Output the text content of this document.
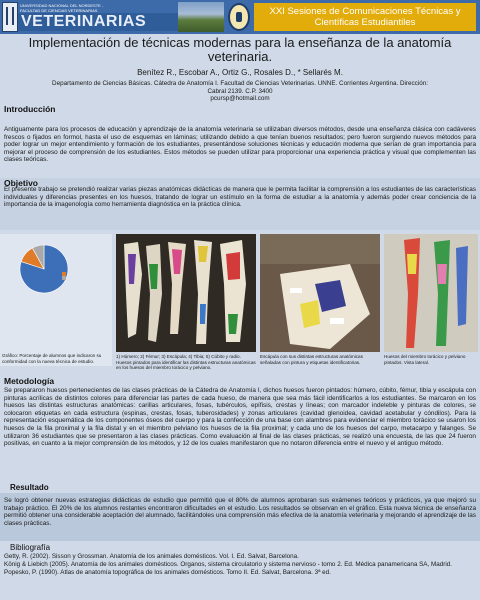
UNIVERSIDAD NACIONAL DEL NORDESTE - FACULTAD DE CIENCIAS VETERINARIAS
VETERINARIAS
XXI Sesiones de Comunicaciones Técnicas y Científicas Estudiantiles
Implementación de técnicas modernas para la enseñanza de la anatomía veterinaria.
Benítez R., Escobar A., Ortiz G., Rosales D., * Sellarés M.
Departamento de Ciencias Básicas. Cátedra de Anatomía I. Facultad de Ciencias Veterinarias. UNNE. Corrientes Argentina. Dirección:
Cabral 2139. C.P. 3400
pcursp@hotmail.com
Introducción
Antiguamente para los procesos de educación y aprendizaje de la anatomía veterinaria se utilizaban diversos métodos, desde una enseñanza clásica con cadáveres frescos o fijados en formol, hasta el uso de esquemas en láminas; utilizando debido a que tenían buenos resultados; pero fueron surgiendo nuevos métodos para poder lograr un mejor entendimiento y formación de los estudiantes, presentándose soluciones técnicas y educación moderna que serían de gran importancia para mejorar el proceso de comprensión de los estudiantes. Estos métodos se pueden utilizar para proporcionar una experiencia práctica y visual que complementen las clases teóricas.
Objetivo
El presente trabajo se pretendió realizar varias piezas anatómicas didácticas de manera que le permita facilitar la comprensión a los estudiantes de las características individuales y diferencias presentes en los huesos, tratando de lograr un estímulo en la forma de estudiar a la anatomía y además poder crear conciencia de la importancia de la imagenología como herramienta diagnóstica en la práctica clínica.
Gráfico: Porcentaje de alumnos que indicaron su conformidad con la nueva técnica de estudio.
1) Húmero; 2) Fémur; 3) Escápula; 4) Tibia; 5) Cúbito y radio. Huesos pintados para identificar las distintas estructuras anatómicas en los huesos del miembro torácico y pelviano.
Escápula con sus distintas estructuras anatómicas señaladas con pintura y etiquetas identificatorias.
Huesos del miembro torácico y pelviano pintados. Vista lateral.
Metodología
Se prepararon huesos pertenecientes de las clases prácticas de la Cátedra de Anatomía I, dichos huesos fueron pintados: húmero, cúbito, fémur, tibia y escápula con pinturas acrílicas de distintos colores para diferenciar las partes de cada hueso, de manera que sea más fácil identificarlos a los estudiantes. Se marcaron en los huesos las distintas estructuras anatómicas: carillas articulares, fosas, tubérculos, epífisis, crestas y líneas; con marcador indeleble y pinturas de colores, se colocaron etiquetas en cada estructura (espinas, crestas, fosas, tuberosidades) y zonas articulares (cavidad glenoidea, cavidad acetabular y cóndilos). Para la representación esquemática de los componentes óseos del cuerpo y para la confección de una base con alambres para evidenciar el miembro torácico se usaron los huesos de la fila proximal y la fila distal y en el miembro pelviano los huesos de la fila proximal; y cada uno de los huesos del carpo, metacarpo y falanges. Se utilizaron 36 estudiantes que se presentaron a las clases prácticas. Como evaluación al final de las clases prácticas, se realizó una encuesta, de las que 24 fueron positivas, en cuanto a la mejor comprensión de los métodos, y 12 de los cuales manifestaron que no notaron diferencia entre el nuevo y el antiguo método.
Resultado
Se logró obtener nuevas estrategias didácticas de estudio que permitió que el 80% de alumnos aprobaran sus exámenes teóricos y prácticos, ya que mejoró su trabajo práctico. El 20% de los alumnos restantes encontraron dificultades en el estudio. Los resultados se observan en el gráfico. Esta nueva técnica de enseñanza permitió obtener una considerable aceptación del alumnado, facilitándoles una comprensión más efectiva de la anatomía veterinaria y mejorando el aprendizaje de las clases prácticas.
Bibliografía
Getty, R. (2002). Sisson y Grossman. Anatomía de los animales domésticos. Vol. I. Ed. Salvat, Barcelona.
König & Liebich (2005). Anatomía de los animales domésticos. Órganos, sistema circulatorio y sistema nervioso - tomo 2. Ed. Médica panamericana SA, Madrid.
Popesko, P. (1990). Atlas de anatomía topográfica de los animales domésticos. Tomo II. Ed. Salvat, Barcelona. 3ª ed.
